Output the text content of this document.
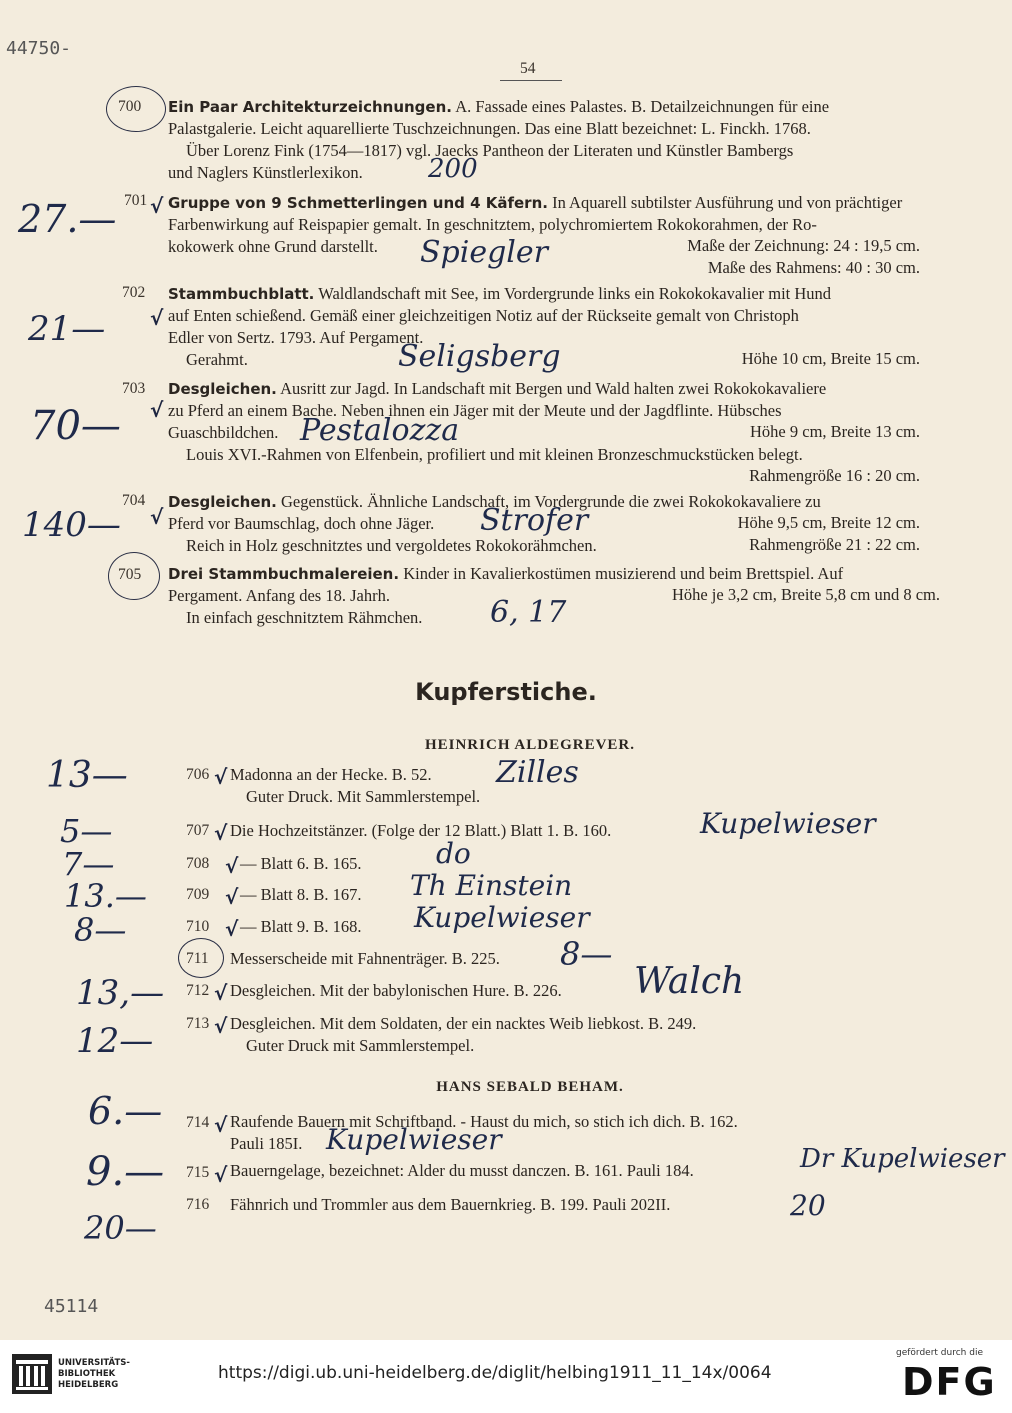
44750-
54
700 Ein Paar Architekturzeichnungen. A. Fassade eines Palastes. B. Detailzeichnungen für eine
Palastgalerie. Leicht aquarellierte Tuschzeichnungen. Das eine Blatt bezeichnet: L. Finckh. 1768.
Über Lorenz Fink (1754—1817) vgl. Jaecks Pantheon der Literaten und Künstler Bambergs
und Naglers Künstlerlexikon.	200
27.— 701 √ Gruppe von 9 Schmetterlingen und 4 Käfern. In Aquarell subtilster Ausführung und von prächtiger
Farbenwirkung auf Reispapier gemalt. In geschnitztem, polychromiertem Rokokorahmen, der Ro-
kokowerk ohne Grund darstellt.	Maße der Zeichnung: 24 : 19,5 cm.
Maße des Rahmens: 40 : 30 cm.
Spiegler
21—
702
√
Stammbuchblatt. Waldlandschaft mit See, im Vordergrunde links ein Rokokokavalier mit Hund
auf Enten schießend. Gemäß einer gleichzeitigen Notiz auf der Rückseite gemalt von Christoph
Edler von Sertz. 1793. Auf Pergament.
Gerahmt.	Höhe 10 cm, Breite 15 cm.
Seligsberg
70—
703
√
Desgleichen. Ausritt zur Jagd. In Landschaft mit Bergen und Wald halten zwei Rokokokavaliere
zu Pferd an einem Bache. Neben ihnen ein Jäger mit der Meute und der Jagdflinte. Hübsches
Guaschbildchen.	Höhe 9 cm, Breite 13 cm.
Louis XVI.-Rahmen von Elfenbein, profiliert und mit kleinen Bronzeschmuckstücken belegt.
Rahmengröße 16 : 20 cm.
Pestalozza
140—
704
√
Desgleichen. Gegenstück. Ähnliche Landschaft, im Vordergrunde die zwei Rokokokavaliere zu
Pferd vor Baumschlag, doch ohne Jäger.	Höhe 9,5 cm, Breite 12 cm.
Reich in Holz geschnitztes und vergoldetes Rokokorähmchen.	Rahmengröße 21 : 22 cm.
Strofer
705 Drei Stammbuchmalereien. Kinder in Kavalierkostümen musizierend und beim Brettspiel. Auf
Pergament. Anfang des 18. Jahrh.	Höhe je 3,2 cm, Breite 5,8 cm und 8 cm.
In einfach geschnitztem Rähmchen. 6, 17
Kupferstiche.
HEINRICH ALDEGREVER.
13—	706 √ Madonna an der Hecke. B. 52.
Guter Druck. Mit Sammlerstempel.
Zilles
5—	707 √ Die Hochzeitstänzer. (Folge der 12 Blatt.) Blatt 1. B. 160.	Kupelwieser
7—	708 √ — Blatt 6. B. 165.	do
13.—	709 √ — Blatt 8. B. 167. Th Einstein
8—	710 √ — Blatt 9. B. 168. Kupelwieser
711 Messerscheide mit Fahnenträger. B. 225. 8—
13,— 712 √ Desgleichen. Mit der babylonischen Hure. B. 226. Walch
12— 713 √ Desgleichen. Mit dem Soldaten, der ein nacktes Weib liebkost. B. 249.
Guter Druck mit Sammlerstempel.
HANS SEBALD BEHAM.
6.— 714 √ Raufende Bauern mit Schriftband. - Haust du mich, so stich ich dich. B. 162.
Pauli 185I. Kupelwieser
9.— 715 √ Bauerngelage, bezeichnet: Alder du musst danczen. B. 161. Pauli 184.	Dr Kupelwieser
20—
716 Fähnrich und Trommler aus dem Bauernkrieg. B. 199. Pauli 202II.	20
45114
UNIVERSITÄTS-
BIBLIOTHEK
HEIDELBERG
https://digi.ub.uni-heidelberg.de/diglit/helbing1911_11_14x/0064
gefördert durch die
DFG
